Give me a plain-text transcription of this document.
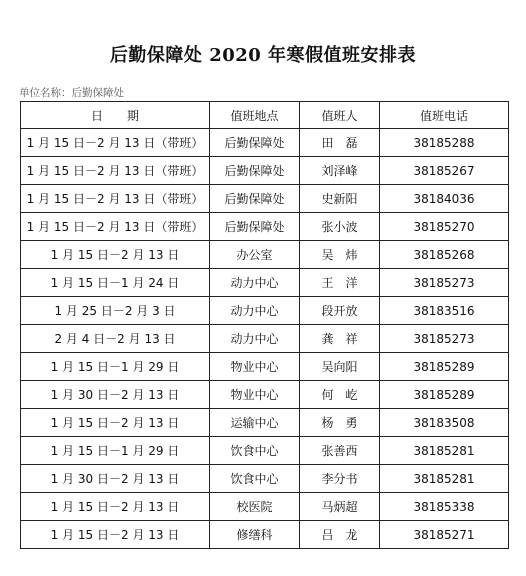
后勤保障处 2020 年寒假值班安排表
单位名称：后勤保障处
日　　期	值班地点	值班人	值班电话
1 月 15 日－2 月 13 日（带班）	后勤保障处	田　磊	38185288
1 月 15 日－2 月 13 日（带班）	后勤保障处	刘泽峰	38185267
1 月 15 日－2 月 13 日（带班）	后勤保障处	史新阳	38184036
1 月 15 日－2 月 13 日（带班）	后勤保障处	张小波	38185270
1 月 15 日－2 月 13 日	办公室	吴　炜	38185268
1 月 15 日－1 月 24 日	动力中心	王　洋	38185273
1 月 25 日－2 月 3 日	动力中心	段开放	38183516
2 月 4 日－2 月 13 日	动力中心	龚　祥	38185273
1 月 15 日－1 月 29 日	物业中心	吴向阳	38185289
1 月 30 日－2 月 13 日	物业中心	何　屹	38185289
1 月 15 日－2 月 13 日	运输中心	杨　勇	38183508
1 月 15 日－1 月 29 日	饮食中心	张善西	38185281
1 月 30 日－2 月 13 日	饮食中心	李分书	38185281
1 月 15 日－2 月 13 日	校医院	马炳超	38185338
1 月 15 日－2 月 13 日	修缮科	吕　龙	38185271
